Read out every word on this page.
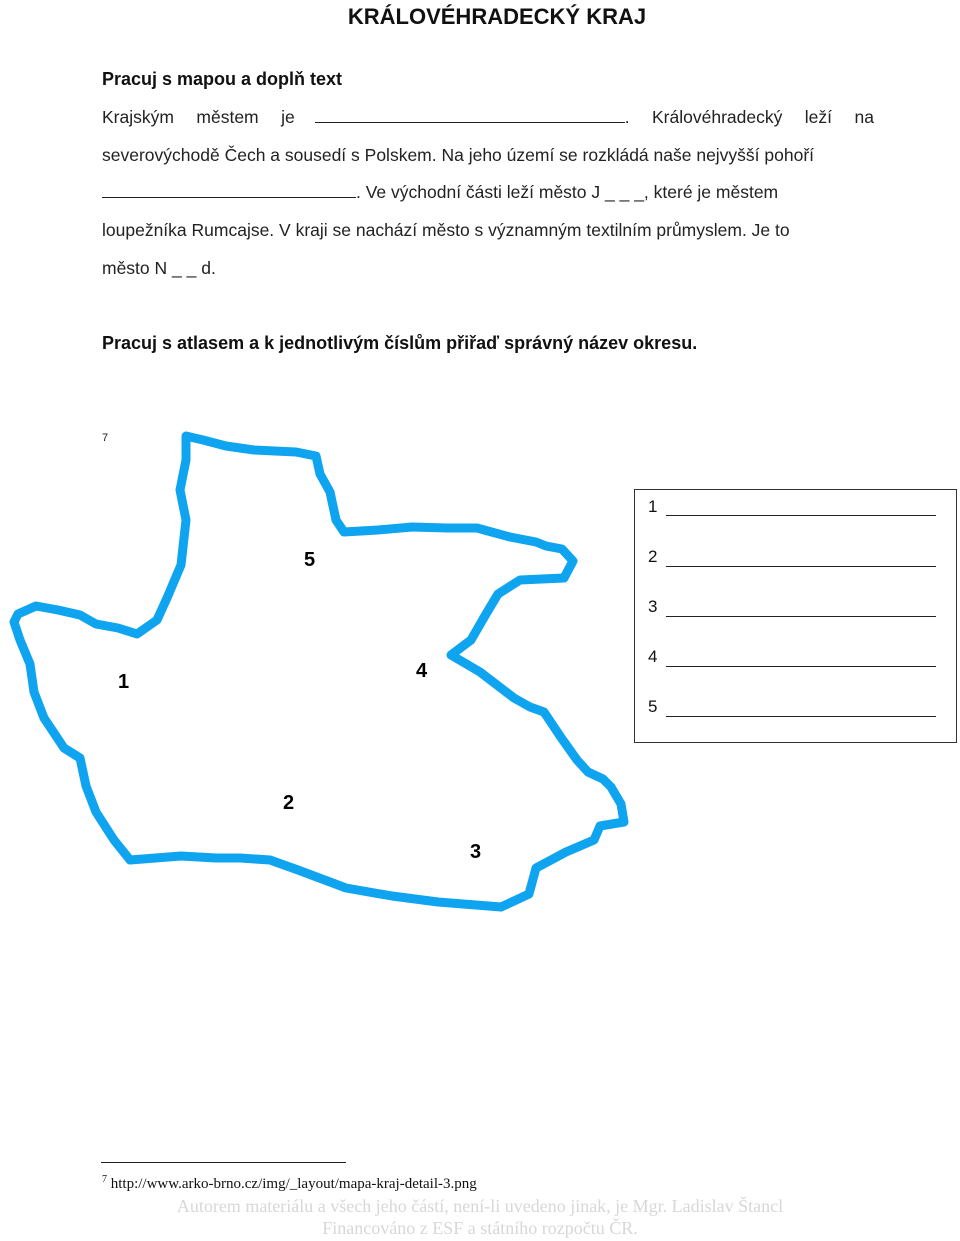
KRÁLOVÉHRADECKÝ KRAJ
Pracuj s mapou a doplň text
Krajským městem je	. Královéhradecký leží na
severovýchodě Čech a sousedí s Polskem. Na jeho území se rozkládá naše nejvyšší pohoří
. Ve východní části leží město J _ _ _, které je městem
loupežníka Rumcajse. V kraji se nachází město s významným textilním průmyslem. Je to
město N _ _ d.
Pracuj s atlasem a k jednotlivým číslům přiřaď správný název okresu.
7
5
1	4
2
3
1
2
3
4
5
$^7$ http://www.arko-brno.cz/img/_layout/mapa-kraj-detail-3.png
Autorem materiálu a všech jeho částí, není-li uvedeno jinak, je Mgr. Ladislav Štancl
Financováno z ESF a státního rozpočtu ČR.
